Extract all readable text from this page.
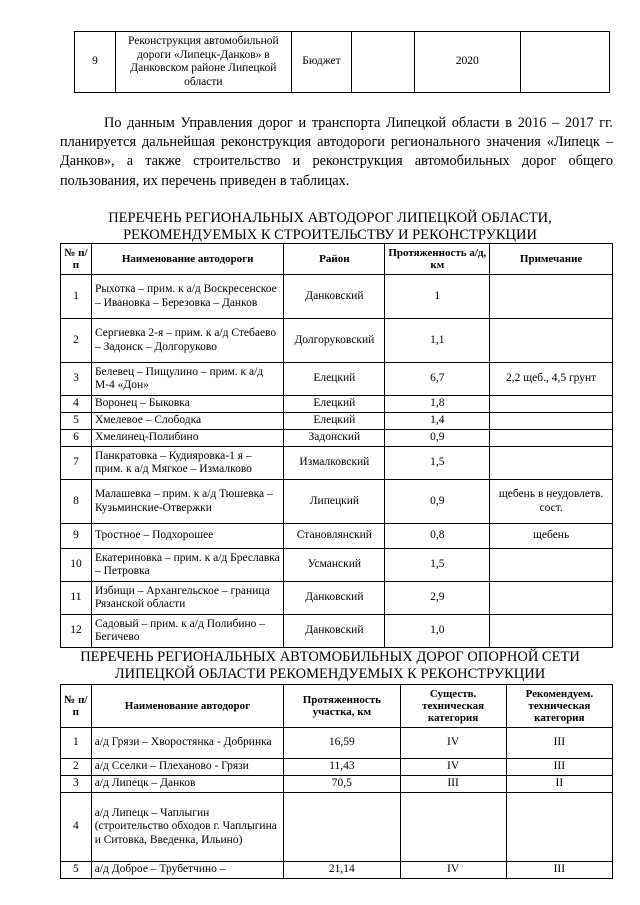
9	Реконструкция автомобильной дороги «Липецк-Данков» в Данковском районе Липецкой области	Бюджет		2020	

По данным Управления дорог и транспорта Липецкой области в 2016 – 2017 гг. планируется дальнейшая реконструкция автодороги регионального значения «Липецк – Данков», а также строительство и реконструкция автомобильных дорог общего пользования, их перечень приведен в таблицах.

ПЕРЕЧЕНЬ РЕГИОНАЛЬНЫХ АВТОДОРОГ ЛИПЕЦКОЙ ОБЛАСТИ,
РЕКОМЕНДУЕМЫХ К СТРОИТЕЛЬСТВУ И РЕКОНСТРУКЦИИ
№ п/п	Наименование автодороги	Район	Протяженность а/д, км	Примечание
1	Рыхотка – прим. к а/д Воскресенское – Ивановка – Березовка – Данков	Данковский	1	
2	Сергиевка 2-я – прим. к а/д Стебаево – Задонск – Долгоруково	Долгоруковский	1,1	
3	Белевец – Пищулино – прим. к а/д М-4 «Дон»	Елецкий	6,7	2,2 щеб., 4,5 грунт
4	Воронец – Быковка	Елецкий	1,8	
5	Хмелевое – Слободка	Елецкий	1,4	
6	Хмелинец-Полибино	Задонский	0,9	
7	Панкратовка – Кудияровка-1 я – прим. к а/д Мягкое – Измалково	Измалковский	1,5	
8	Малашевка – прим. к а/д Тюшевка – Кузьминские-Отвержки	Липецкий	0,9	щебень в неудовлетв. сост.
9	Тростное – Подхорошее	Становлянский	0,8	щебень
10	Екатериновка – прим. к а/д Бреславка – Петровка	Усманский	1,5	
11	Избищи – Архангельское – граница Рязанской области	Данковский	2,9	
12	Садовый – прим. к а/д Полибино – Бегичево	Данковский	1,0	
ПЕРЕЧЕНЬ РЕГИОНАЛЬНЫХ АВТОМОБИЛЬНЫХ ДОРОГ ОПОРНОЙ СЕТИ
ЛИПЕЦКОЙ ОБЛАСТИ РЕКОМЕНДУЕМЫХ К РЕКОНСТРУКЦИИ
№ п/п	Наименование автодорог	Протяженность участка, км	Существ. техническая категория	Рекомендуем. техническая категория
1	а/д Грязи – Хворостянка - Добринка	16,59	IV	III
2	а/д Сселки – Плеханово - Грязи	11,43	IV	III
3	а/д Липецк – Данков	70,5	III	II
4	а/д Липецк – Чаплыгин (строительство обходов г. Чаплыгина и Ситовка, Введенка, Ильино)			
5	а/д Доброе – Трубетчино –	21,14	IV	III
